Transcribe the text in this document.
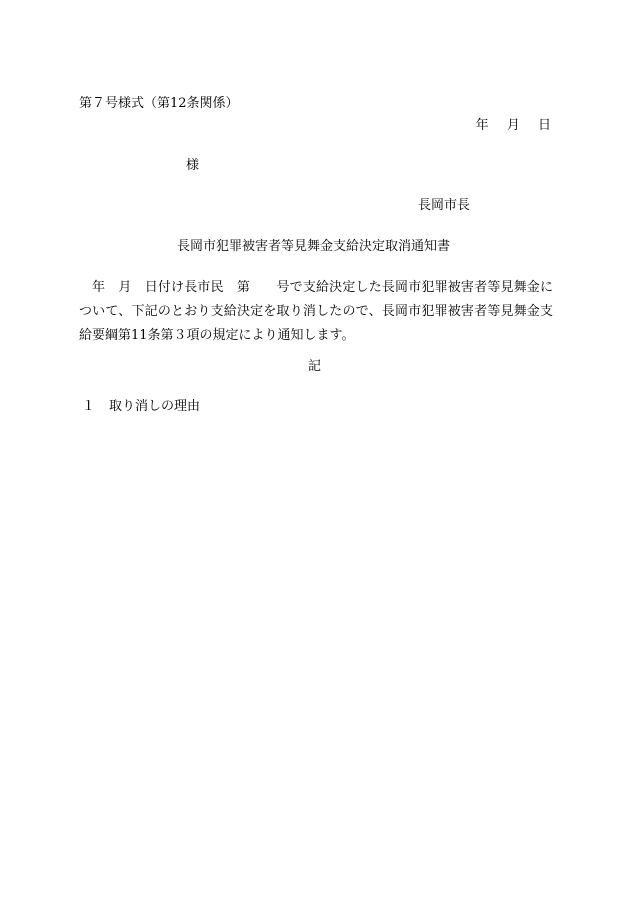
第７号様式（第12条関係）
年 月 日
様
長岡市長
長岡市犯罪被害者等見舞金支給決定取消通知書
年　月　日付け長市民　第　　号で支給決定した長岡市犯罪被害者等見舞金について、下記のとおり支給決定を取り消したので、長岡市犯罪被害者等見舞金支給要綱第11条第３項の規定により通知します。
記
１ 取り消しの理由
